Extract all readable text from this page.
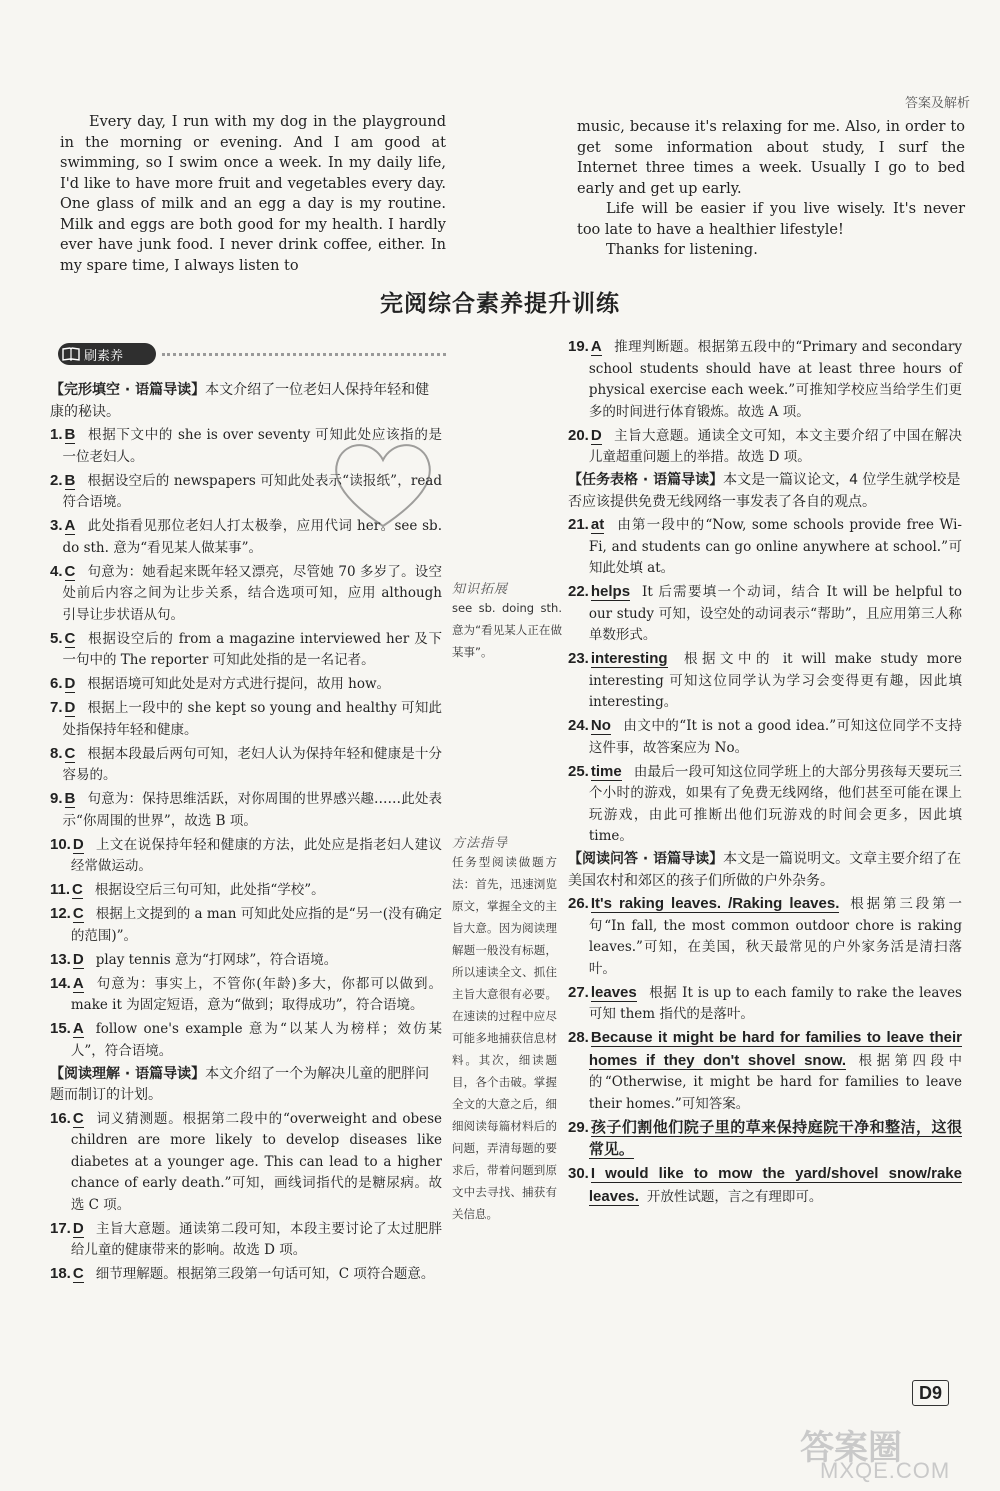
答案及解析

Every day, I run with my dog in the playground in the morning or evening. And I am good at swimming, so I swim once a week. In my daily life, I'd like to have more fruit and vegetables every day. One glass of milk and an egg a day is my routine. Milk and eggs are both good for my health. I hardly ever have junk food. I never drink coffee, either. In my spare time, I always listen to

music, because it's relaxing for me. Also, in order to get some information about study, I surf the Internet three times a week. Usually I go to bed early and get up early.

Life will be easier if you live wisely. It's never too late to have a healthier lifestyle!

Thanks for listening.

完阅综合素养提升训练
刷素养
【完形填空 · 语篇导读】本文介绍了一位老妇人保持年轻和健康的秘诀。
1. B 根据下文中的 she is over seventy 可知此处应该指的是一位老妇人。
2. B 根据设空后的 newspapers 可知此处表示“读报纸”，read 符合语境。
3. A 此处指看见那位老妇人打太极拳，应用代词 her。see sb. do sth. 意为“看见某人做某事”。
4. C 句意为：她看起来既年轻又漂亮，尽管她 70 多岁了。设空处前后内容之间为让步关系，结合选项可知，应用 although 引导让步状语从句。
5. C 根据设空后的 from a magazine interviewed her 及下一句中的 The reporter 可知此处指的是一名记者。
6. D 根据语境可知此处是对方式进行提问，故用 how。
7. D 根据上一段中的 she kept so young and healthy 可知此处指保持年轻和健康。
8. C 根据本段最后两句可知，老妇人认为保持年轻和健康是十分容易的。
9. B 句意为：保持思维活跃，对你周围的世界感兴趣……此处表示“你周围的世界”，故选 B 项。
10. D 上文在说保持年轻和健康的方法，此处应是指老妇人建议经常做运动。
11. C 根据设空后三句可知，此处指“学校”。
12. C 根据上文提到的 a man 可知此处应指的是“另一(没有确定的范围)”。
13. D play tennis 意为“打网球”，符合语境。
14. A 句意为：事实上，不管你(年龄)多大，你都可以做到。make it 为固定短语，意为“做到；取得成功”，符合语境。
15. A follow one's example 意为“以某人为榜样；效仿某人”，符合语境。
【阅读理解 · 语篇导读】本文介绍了一个为解决儿童的肥胖问题而制订的计划。
16. C 词义猜测题。根据第二段中的“overweight and obese children are more likely to develop diseases like diabetes at a younger age. This can lead to a higher chance of early death.”可知，画线词指代的是糖尿病。故选 C 项。
17. D 主旨大意题。通读第二段可知，本段主要讨论了太过肥胖给儿童的健康带来的影响。故选 D 项。
18. C 细节理解题。根据第三段第一句话可知，C 项符合题意。
19. A 推理判断题。根据第五段中的“Primary and secondary school students should have at least three hours of physical exercise each week.”可推知学校应当给学生们更多的时间进行体育锻炼。故选 A 项。
20. D 主旨大意题。通读全文可知，本文主要介绍了中国在解决儿童超重问题上的举措。故选 D 项。
【任务表格 · 语篇导读】本文是一篇议论文，4 位学生就学校是否应该提供免费无线网络一事发表了各自的观点。
21. at 由第一段中的“Now, some schools provide free Wi-Fi, and students can go online anywhere at school.”可知此处填 at。
22. helps It 后需要填一个动词，结合 It will be helpful to our study 可知，设空处的动词表示“帮助”，且应用第三人称单数形式。
23. interesting 根据文中的 it will make study more interesting 可知这位同学认为学习会变得更有趣，因此填 interesting。
24. No 由文中的“It is not a good idea.”可知这位同学不支持这件事，故答案应为 No。
25. time 由最后一段可知这位同学班上的大部分男孩每天要玩三个小时的游戏，如果有了免费无线网络，他们甚至可能在课上玩游戏，由此可推断出他们玩游戏的时间会更多，因此填 time。
【阅读问答 · 语篇导读】本文是一篇说明文。文章主要介绍了在美国农村和郊区的孩子们所做的户外杂务。
26. It's raking leaves. /Raking leaves. 根据第三段第一句“In fall, the most common outdoor chore is raking leaves.”可知，在美国，秋天最常见的户外家务活是清扫落叶。
27. leaves 根据 It is up to each family to rake the leaves 可知 them 指代的是落叶。
28. Because it might be hard for families to leave their homes if they don't shovel snow. 根据第四段中的“Otherwise, it might be hard for families to leave their homes.”可知答案。
29. 孩子们割他们院子里的草来保持庭院干净和整洁，这很常见。
30. I would like to mow the yard/shovel snow/rake leaves. 开放性试题，言之有理即可。
知识拓展
see sb. doing sth. 意为“看见某人正在做某事”。
方法指导
任务型阅读做题方法：首先，迅速浏览原文，掌握全文的主旨大意。因为阅读理解题一般没有标题，所以速读全文、抓住主旨大意很有必要。在速读的过程中应尽可能多地捕获信息材料。其次，细读题目，各个击破。掌握全文的大意之后，细细阅读每篇材料后的问题，弄清每题的要求后，带着问题到原文中去寻找、捕获有关信息。
D9
答案圈
MXQE.COM
